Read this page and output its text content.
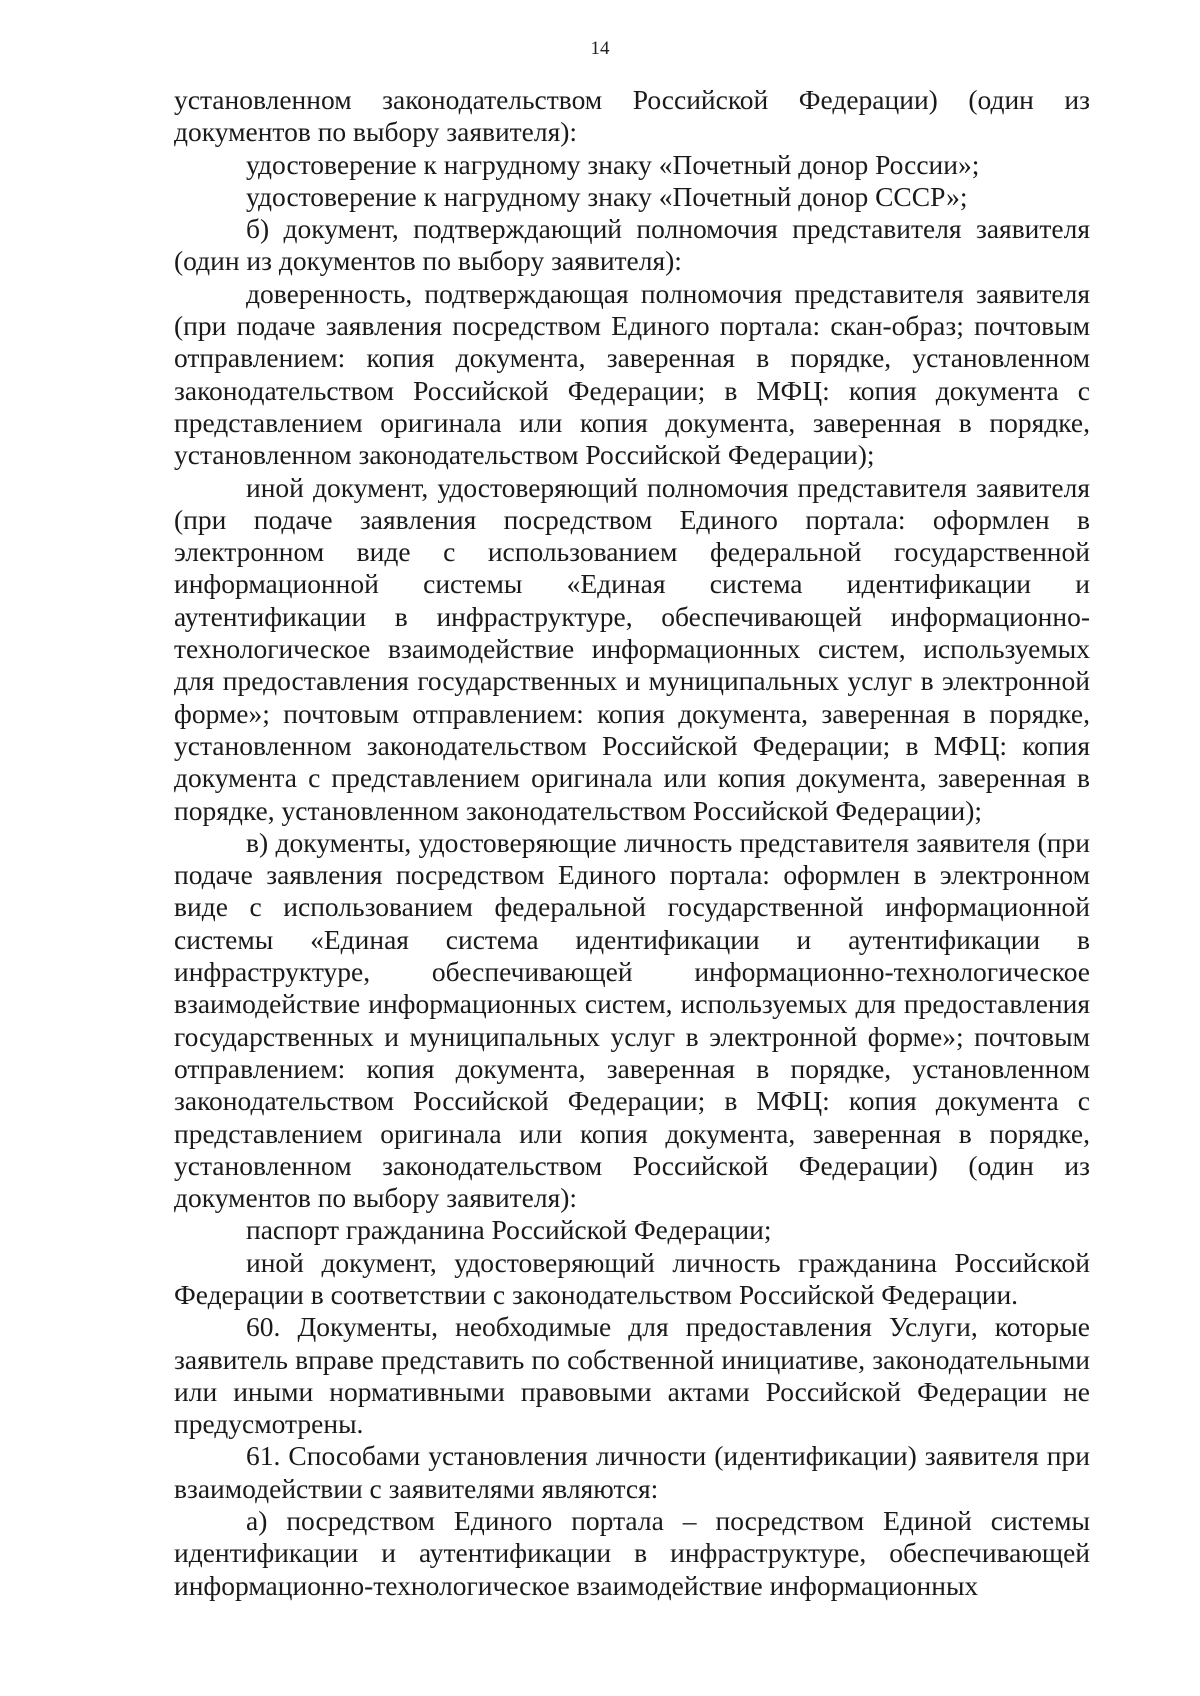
14

установленном законодательством Российской Федерации) (один из документов по выбору заявителя):

удостоверение к нагрудному знаку «Почетный донор России»;

удостоверение к нагрудному знаку «Почетный донор СССР»;

б) документ, подтверждающий полномочия представителя заявителя (один из документов по выбору заявителя):

доверенность, подтверждающая полномочия представителя заявителя (при подаче заявления посредством Единого портала: скан-образ; почтовым отправлением: копия документа, заверенная в порядке, установленном законодательством Российской Федерации; в МФЦ: копия документа с представлением оригинала или копия документа, заверенная в порядке, установленном законодательством Российской Федерации);

иной документ, удостоверяющий полномочия представителя заявителя (при подаче заявления посредством Единого портала: оформлен в электронном виде с использованием федеральной государственной информационной системы «Единая система идентификации и аутентификации в инфраструктуре, обеспечивающей информационно-технологическое взаимодействие информационных систем, используемых для предоставления государственных и муниципальных услуг в электронной форме»; почтовым отправлением: копия документа, заверенная в порядке, установленном законодательством Российской Федерации; в МФЦ: копия документа с представлением оригинала или копия документа, заверенная в порядке, установленном законодательством Российской Федерации);

в) документы, удостоверяющие личность представителя заявителя (при подаче заявления посредством Единого портала: оформлен в электронном виде с использованием федеральной государственной информационной системы «Единая система идентификации и аутентификации в инфраструктуре, обеспечивающей информационно-технологическое взаимодействие информационных систем, используемых для предоставления государственных и муниципальных услуг в электронной форме»; почтовым отправлением: копия документа, заверенная в порядке, установленном законодательством Российской Федерации; в МФЦ: копия документа с представлением оригинала или копия документа, заверенная в порядке, установленном законодательством Российской Федерации) (один из документов по выбору заявителя):

паспорт гражданина Российской Федерации;

иной документ, удостоверяющий личность гражданина Российской Федерации в соответствии с законодательством Российской Федерации.

60. Документы, необходимые для предоставления Услуги, которые заявитель вправе представить по собственной инициативе, законодательными или иными нормативными правовыми актами Российской Федерации не предусмотрены.

61. Способами установления личности (идентификации) заявителя при взаимодействии с заявителями являются:

а) посредством Единого портала – посредством Единой системы идентификации и аутентификации в инфраструктуре, обеспечивающей информационно-технологическое взаимодействие информационных
